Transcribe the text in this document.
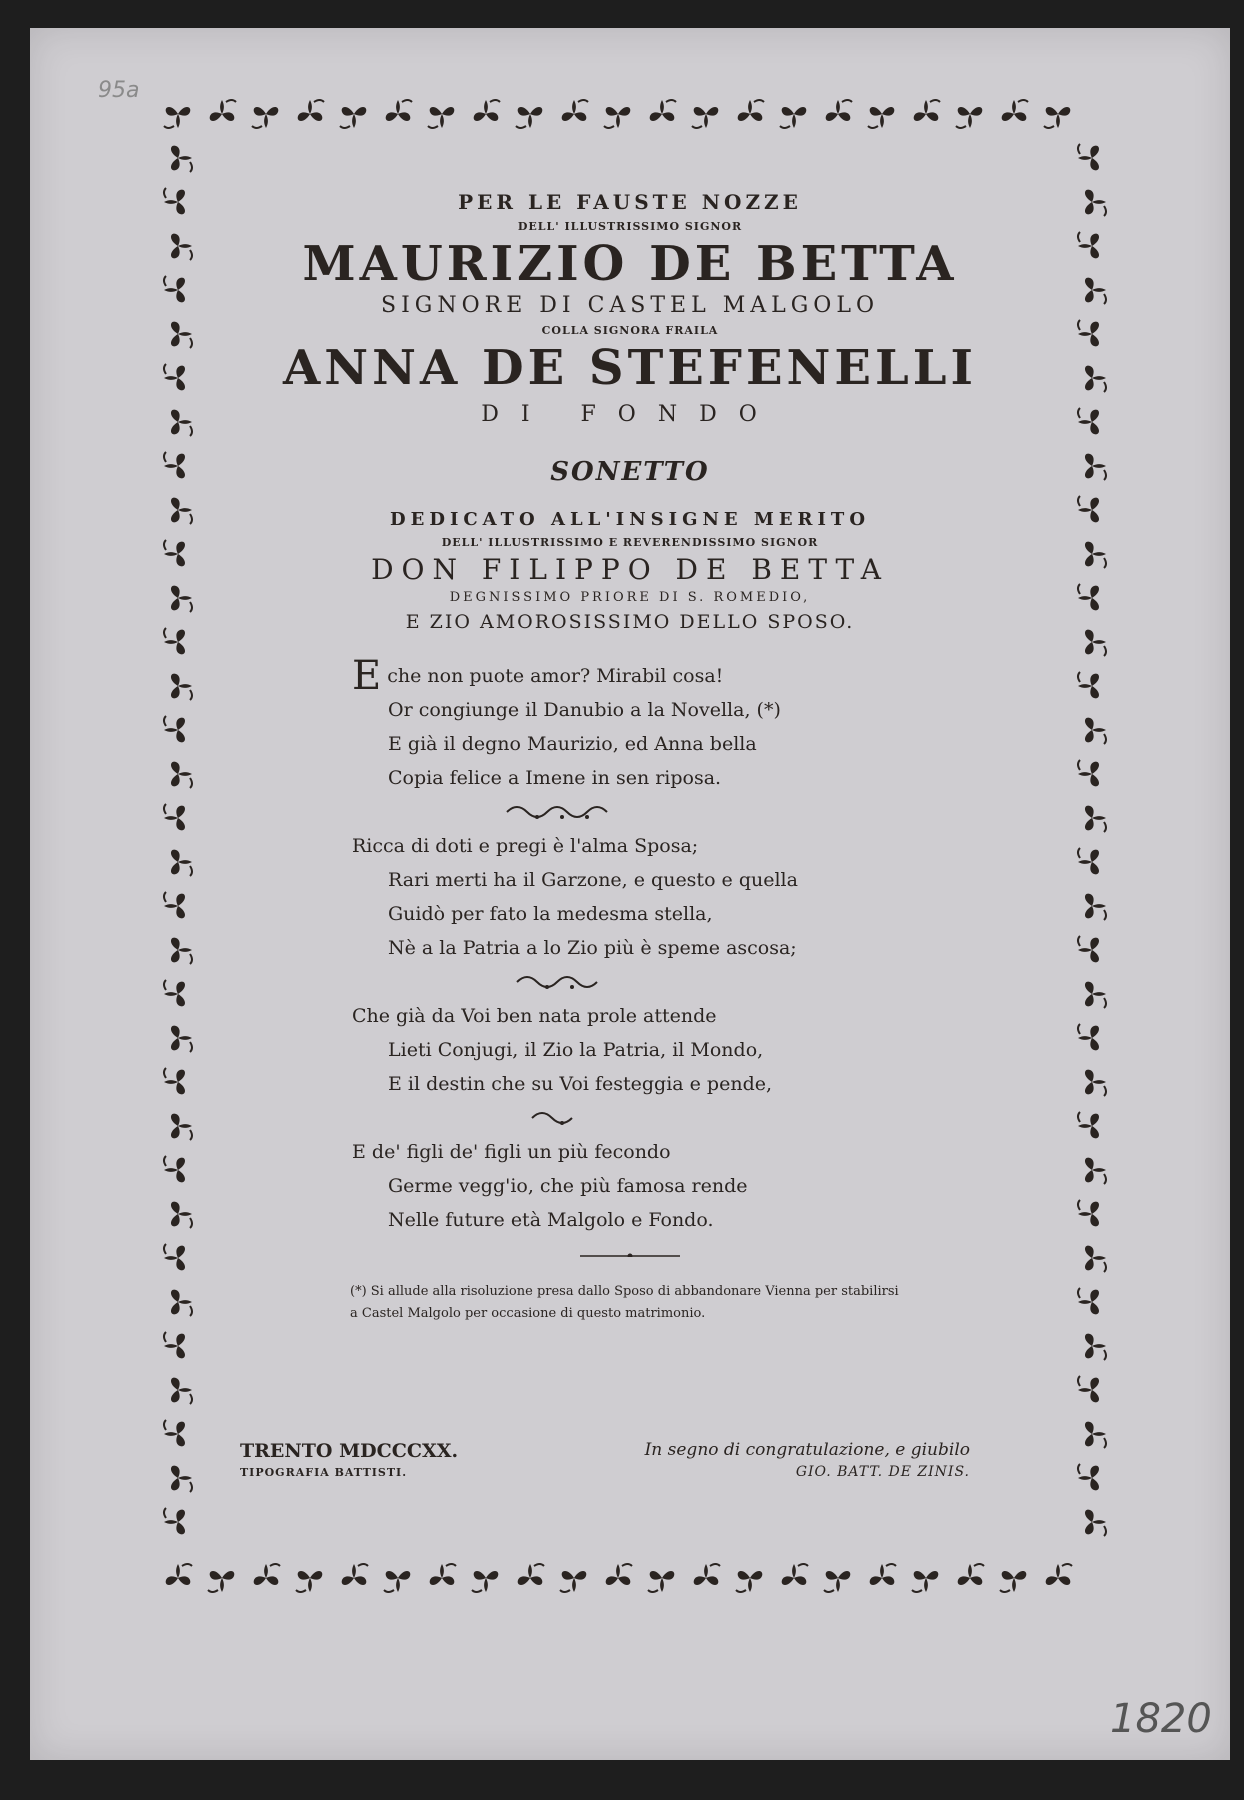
95a
1820

PER LE FAUSTE NOZZE

DELL' ILLUSTRISSIMO SIGNOR

MAURIZIO DE BETTA

SIGNORE DI CASTEL MALGOLO

COLLA SIGNORA FRAILA

ANNA DE STEFENELLI

DI FONDO

SONETTO

DEDICATO ALL'INSIGNE MERITO

DELL' ILLUSTRISSIMO E REVERENDISSIMO SIGNOR

DON FILIPPO DE BETTA

DEGNISSIMO PRIORE DI S. ROMEDIO,

E ZIO AMOROSISSIMO DELLO SPOSO.

E che non puote amor? Mirabil cosa!
Or congiunge il Danubio a la Novella, (*)
E già il degno Maurizio, ed Anna bella
Copia felice a Imene in sen riposa.
Ricca di doti e pregi è l'alma Sposa;
Rari merti ha il Garzone, e questo e quella
Guidò per fato la medesma stella,
Nè a la Patria a lo Zio più è speme ascosa;
Che già da Voi ben nata prole attende
Lieti Conjugi, il Zio la Patria, il Mondo,
E il destin che su Voi festeggia e pende,
E de' figli de' figli un più fecondo
Germe vegg'io, che più famosa rende
Nelle future età Malgolo e Fondo.
(*) Si allude alla risoluzione presa dallo Sposo di abbandonare Vienna per stabilirsi
a Castel Malgolo per occasione di questo matrimonio.
TRENTO MDCCCXX.
TIPOGRAFIA BATTISTI.
In segno di congratulazione, e giubilo
GIO. BATT. DE ZINIS.
